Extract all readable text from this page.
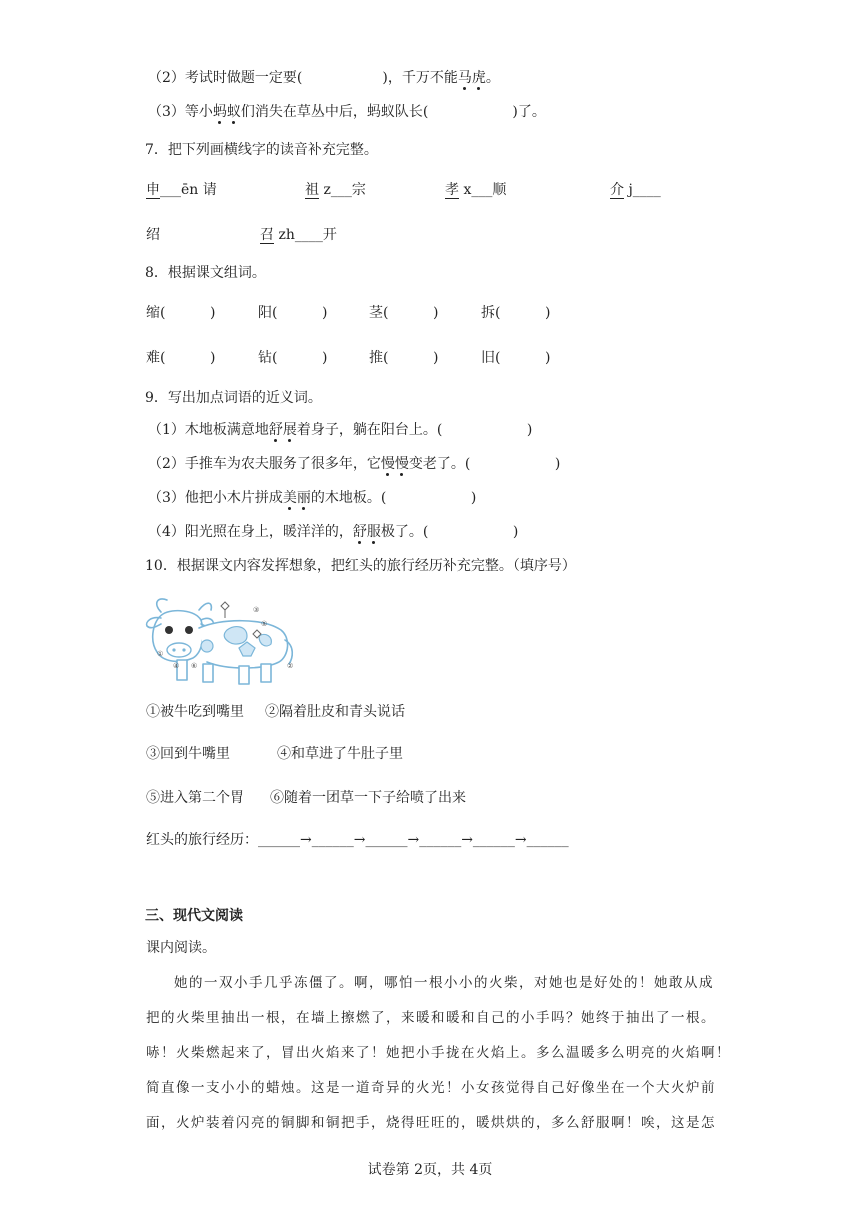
（2）考试时做题一定要(	)，千万不能马虎。
（3）等小蚂蚁们消失在草丛中后，蚂蚁队长(	)了。
7．把下列画横线字的读音补充完整。
申___ēn 请	祖 z___宗	孝 x___顺	介 j____
绍	召 zh____开
8．根据课文组词。
缩(          )	阳(          )	茎(          )	拆(          )
难(          )	钻(          )	推(          )	旧(          )
9．写出加点词语的近义词。
（1）木地板满意地舒展着身子，躺在阳台上。(                   )
（2）手推车为农夫服务了很多年，它慢慢变老了。(                   )
（3）他把小木片拼成美丽的木地板。(                   )
（4）阳光照在身上，暖洋洋的，舒服极了。(                   )
10．根据课文内容发挥想象，把红头的旅行经历补充完整。（填序号）
③
⑤
①
④ ⑥	②
①被牛吃到嘴里 ②隔着肚皮和青头说话
③回到牛嘴里	④和草进了牛肚子里
⑤进入第二个胃 ⑥随着一团草一下子给喷了出来
红头的旅行经历：______→______→______→______→______→______
三、现代文阅读
课内阅读。
她的一双小手几乎冻僵了。啊，哪怕一根小小的火柴，对她也是好处的！她敢从成
把的火柴里抽出一根，在墙上擦燃了，来暖和暖和自己的小手吗？她终于抽出了一根。
哧！火柴燃起来了，冒出火焰来了！她把小手拢在火焰上。多么温暖多么明亮的火焰啊！
简直像一支小小的蜡烛。这是一道奇异的火光！小女孩觉得自己好像坐在一个大火炉前
面，火炉装着闪亮的铜脚和铜把手，烧得旺旺的，暖烘烘的，多么舒服啊！唉，这是怎
试卷第 2页，共 4页
